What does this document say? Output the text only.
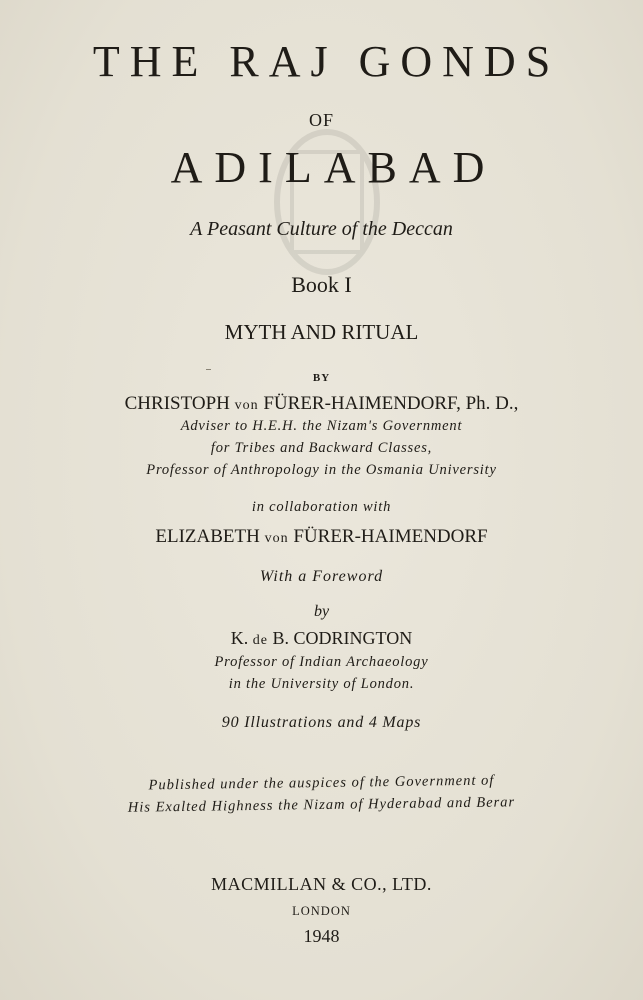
THE RAJ GONDS
OF
ADILABAD
A Peasant Culture of the Deccan
Book I
MYTH AND RITUAL
BY
CHRISTOPH von FÜRER-HAIMENDORF, Ph. D.,
Adviser to H.E.H. the Nizam's Government
for Tribes and Backward Classes,
Professor of Anthropology in the Osmania University
in collaboration with
ELIZABETH von FÜRER-HAIMENDORF
With a Foreword
by
K. de B. CODRINGTON
Professor of Indian Archaeology
in the University of London.
90 Illustrations and 4 Maps
Published under the auspices of the Government of
His Exalted Highness the Nizam of Hyderabad and Berar
MACMILLAN & CO., LTD.
LONDON
1948
